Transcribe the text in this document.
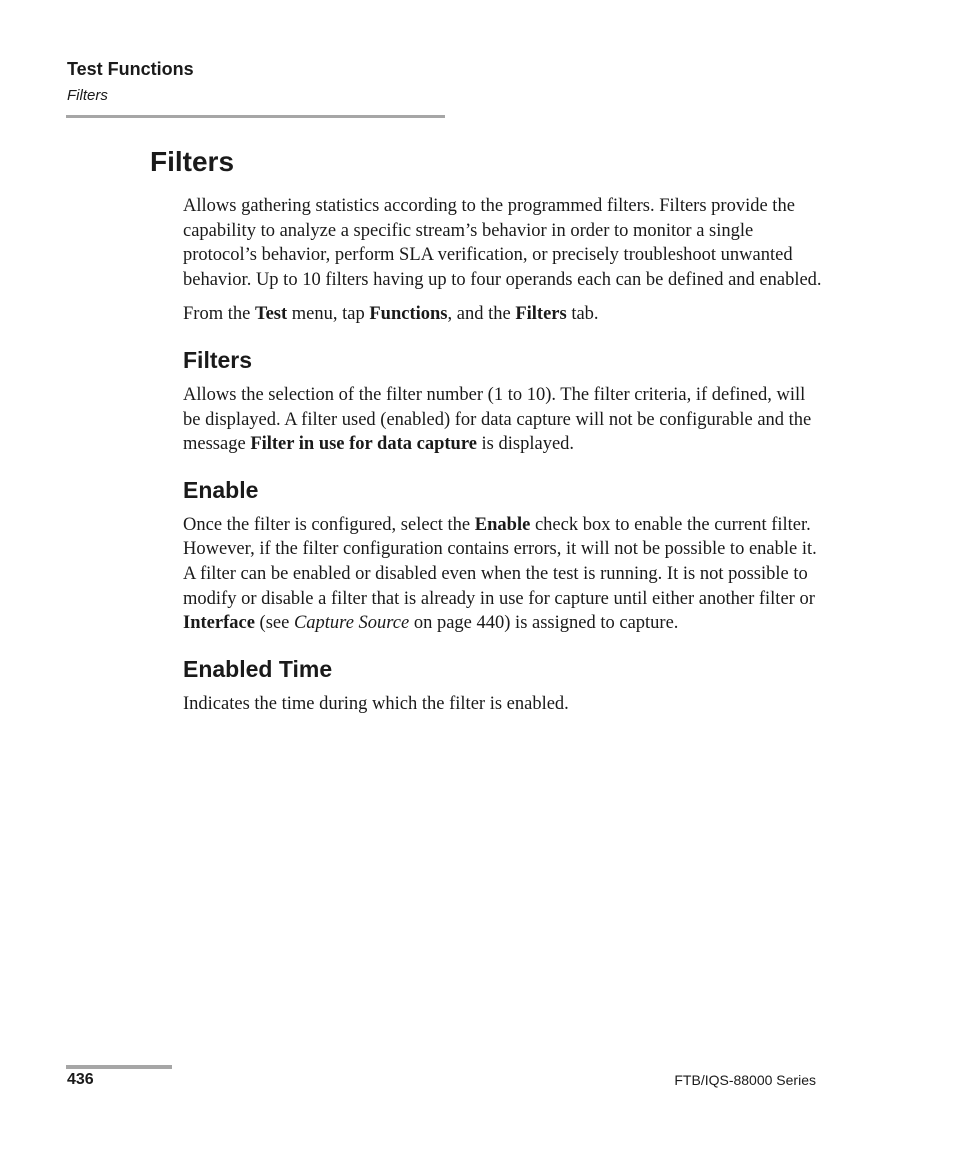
Test Functions
Filters
Filters

Allows gathering statistics according to the programmed filters. Filters provide the capability to analyze a specific stream’s behavior in order to monitor a single protocol’s behavior, perform SLA verification, or precisely troubleshoot unwanted behavior. Up to 10 filters having up to four operands each can be defined and enabled.

From the Test menu, tap Functions, and the Filters tab.

Filters

Allows the selection of the filter number (1 to 10). The filter criteria, if defined, will be displayed. A filter used (enabled) for data capture will not be configurable and the message Filter in use for data capture is displayed.

Enable

Once the filter is configured, select the Enable check box to enable the current filter. However, if the filter configuration contains errors, it will not be possible to enable it. A filter can be enabled or disabled even when the test is running. It is not possible to modify or disable a filter that is already in use for capture until either another filter or Interface (see Capture Source on page 440) is assigned to capture.

Enabled Time

Indicates the time during which the filter is enabled.

436	FTB/IQS-88000 Series
